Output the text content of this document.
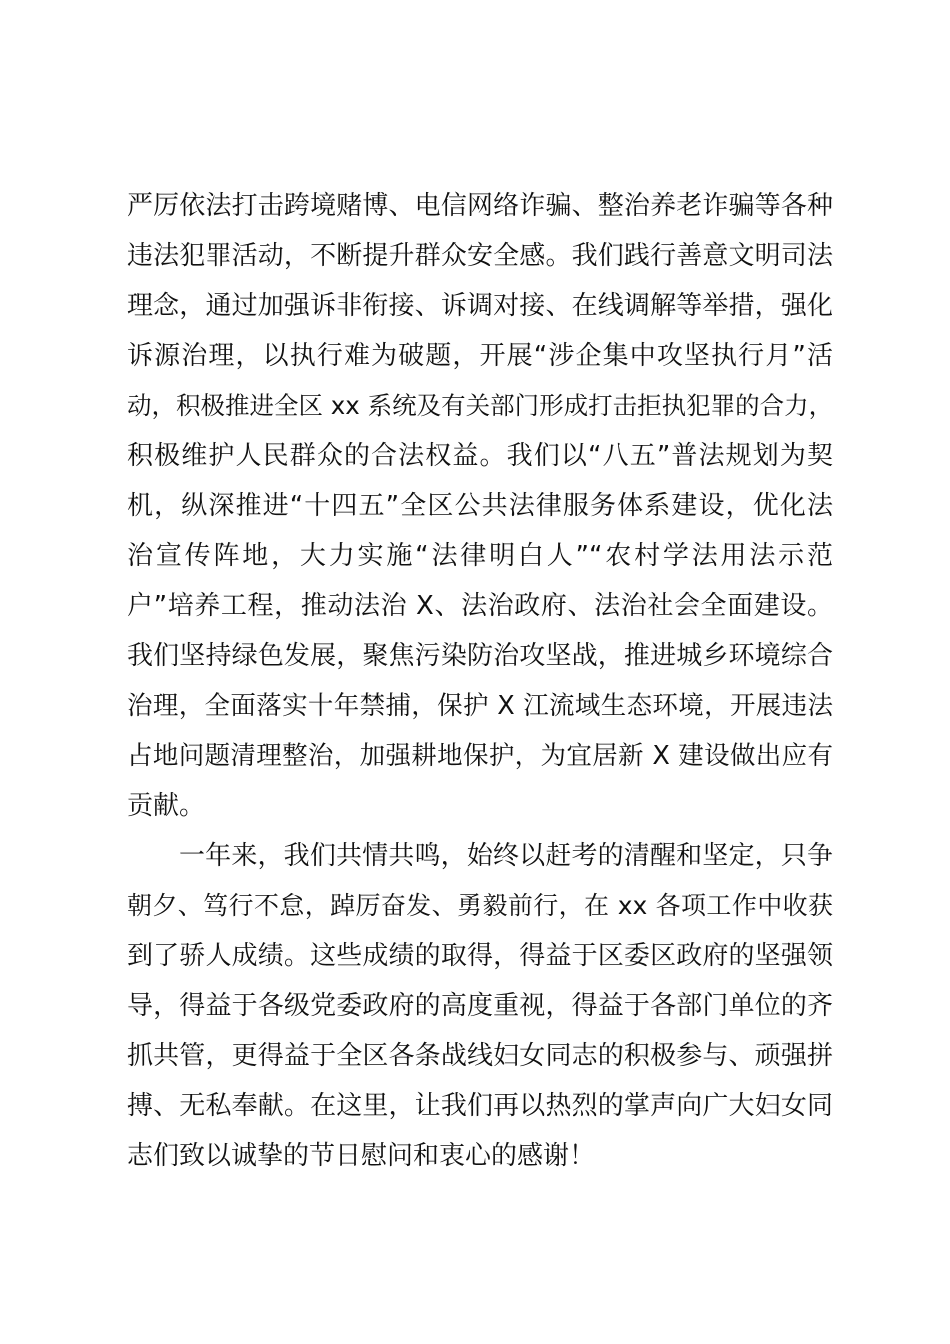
严厉依法打击跨境赌博、电信网络诈骗、整治养老诈骗等各种
违法犯罪活动，不断提升群众安全感。我们践行善意文明司法
理念，通过加强诉非衔接、诉调对接、在线调解等举措，强化
诉源治理，以执行难为破题，开展“涉企集中攻坚执行月”活
动，积极推进全区 xx 系统及有关部门形成打击拒执犯罪的合力，
积极维护人民群众的合法权益。我们以“八五”普法规划为契
机，纵深推进“十四五”全区公共法律服务体系建设，优化法
治宣传阵地，大力实施“法律明白人”“农村学法用法示范
户”培养工程，推动法治 X、法治政府、法治社会全面建设。
我们坚持绿色发展，聚焦污染防治攻坚战，推进城乡环境综合
治理，全面落实十年禁捕，保护 X 江流域生态环境，开展违法
占地问题清理整治，加强耕地保护，为宜居新 X 建设做出应有
贡献。
一年来，我们共情共鸣，始终以赶考的清醒和坚定，只争
朝夕、笃行不怠，踔厉奋发、勇毅前行，在 xx 各项工作中收获
到了骄人成绩。这些成绩的取得，得益于区委区政府的坚强领
导，得益于各级党委政府的高度重视，得益于各部门单位的齐
抓共管，更得益于全区各条战线妇女同志的积极参与、顽强拼
搏、无私奉献。在这里，让我们再以热烈的掌声向广大妇女同
志们致以诚挚的节日慰问和衷心的感谢！
